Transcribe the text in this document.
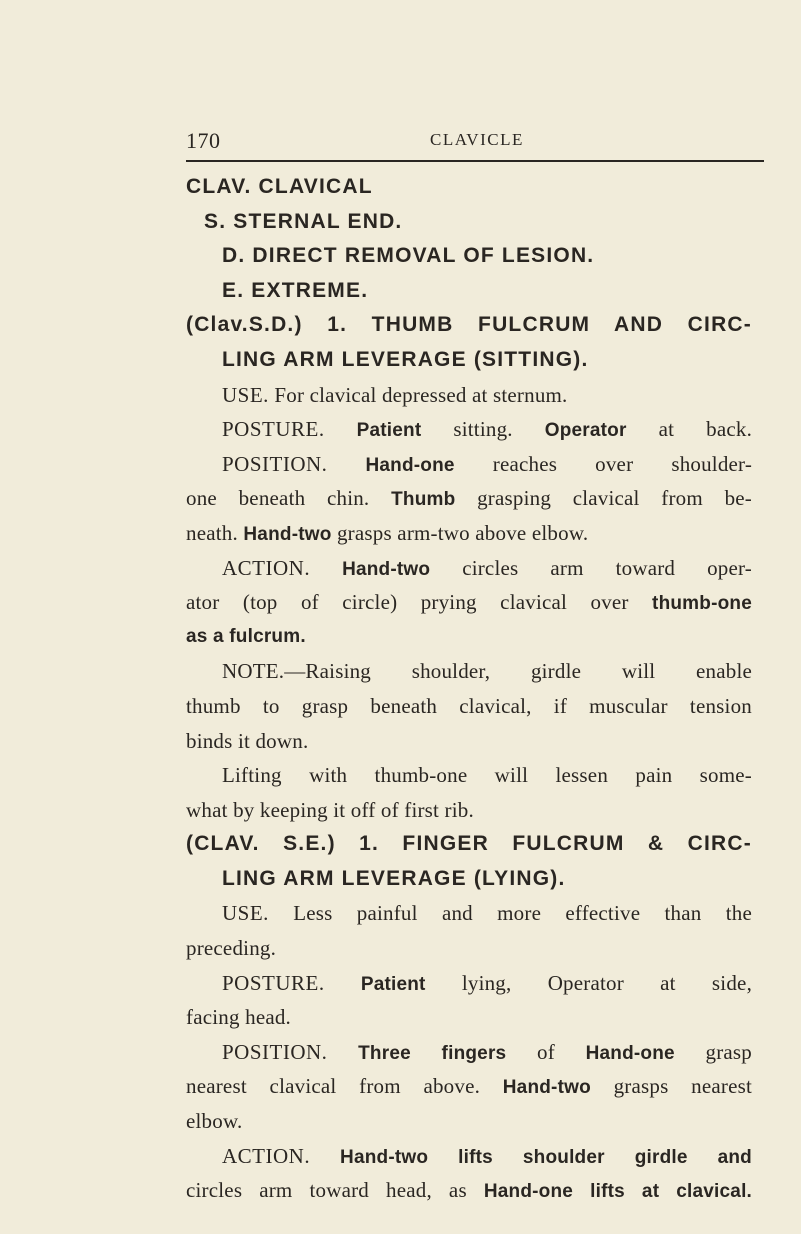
170	CLAVICLE
CLAV. CLAVICAL
S. STERNAL END.
D. DIRECT REMOVAL OF LESION.
E. EXTREME.
(Clav.S.D.) 1. THUMB FULCRUM AND CIRC-
LING ARM LEVERAGE (SITTING).
USE. For clavical depressed at sternum.
POSTURE. Patient sitting. Operator at back.
POSITION. Hand-one reaches over shoulder-
one beneath chin. Thumb grasping clavical from be-
neath. Hand-two grasps arm-two above elbow.
ACTION. Hand-two circles arm toward oper-
ator (top of circle) prying clavical over thumb-one
as a fulcrum.
NOTE.—Raising shoulder, girdle will enable
thumb to grasp beneath clavical, if muscular tension
binds it down.
Lifting with thumb-one will lessen pain some-
what by keeping it off of first rib.
(CLAV. S.E.) 1. FINGER FULCRUM & CIRC-
LING ARM LEVERAGE (LYING).
USE. Less painful and more effective than the
preceding.
POSTURE. Patient lying, Operator at side,
facing head.
POSITION. Three fingers of Hand-one grasp
nearest clavical from above. Hand-two grasps nearest
elbow.
ACTION. Hand-two lifts shoulder girdle and
circles arm toward head, as Hand-one lifts at clavical.
